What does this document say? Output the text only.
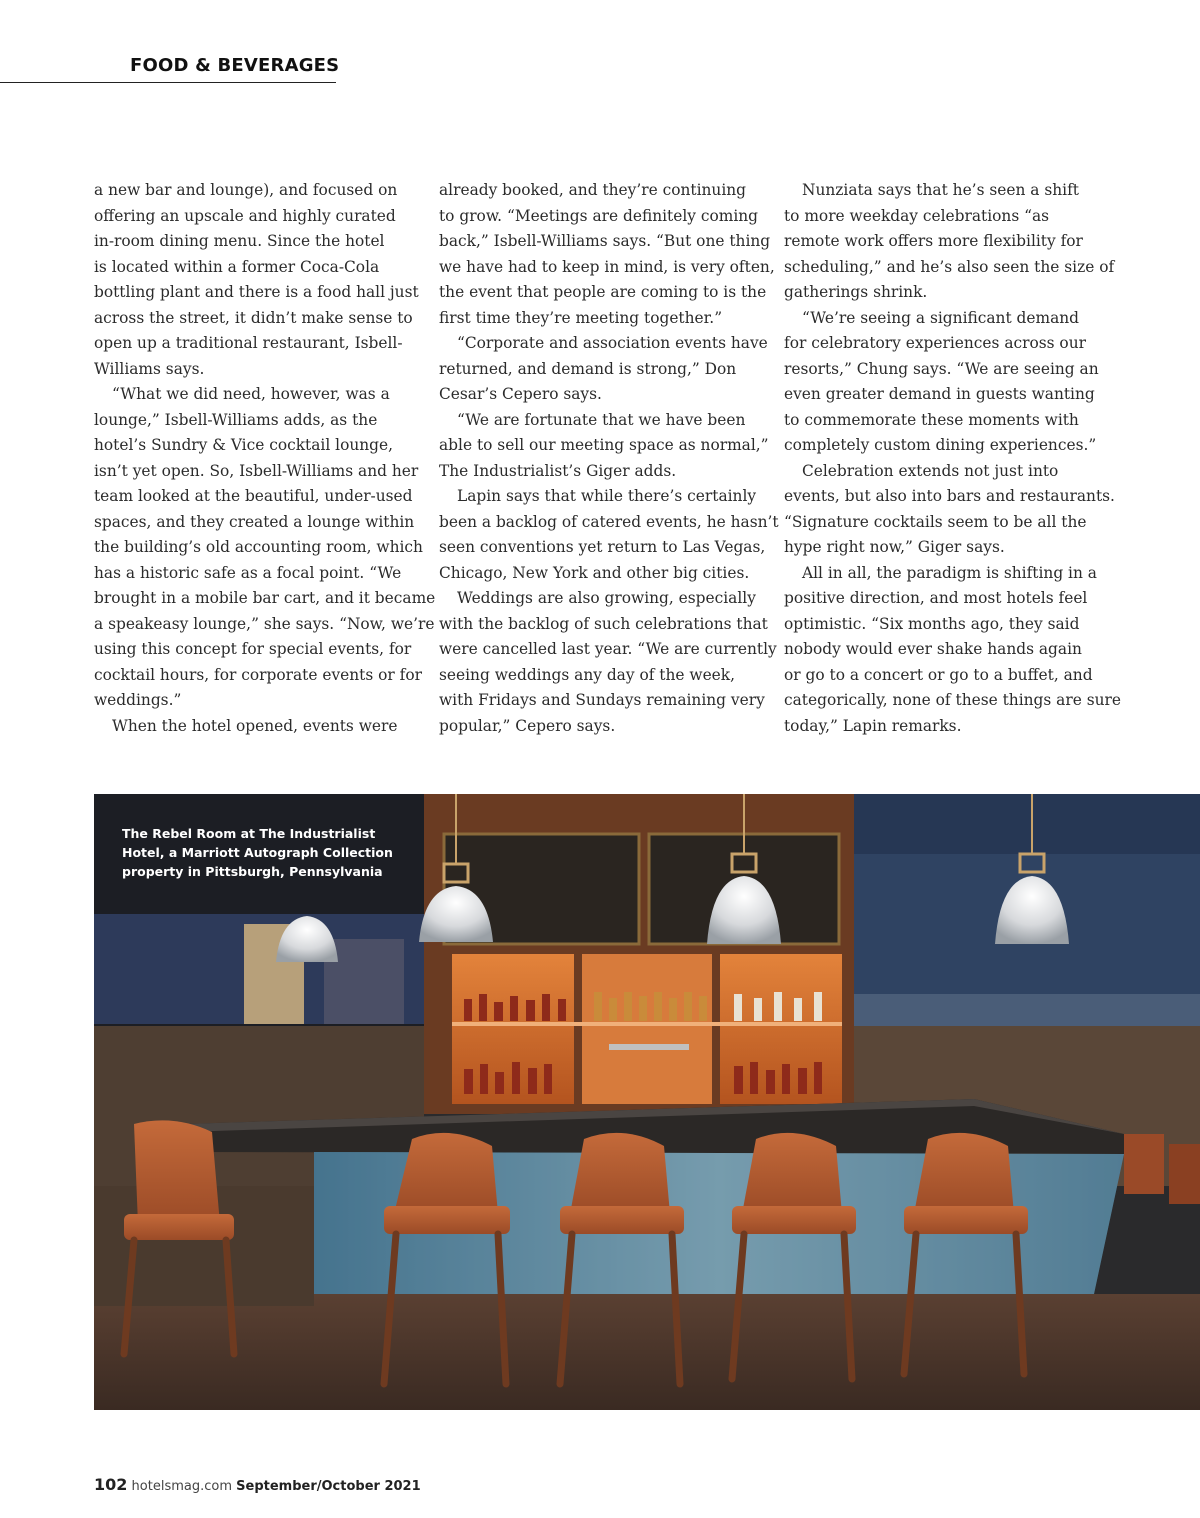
FOOD & BEVERAGES
a new bar and lounge), and focused on
offering an upscale and highly curated
in-room dining menu. Since the hotel
is located within a former Coca-Cola
bottling plant and there is a food hall just
across the street, it didn’t make sense to
open up a traditional restaurant, Isbell-
Williams says.
“What we did need, however, was a
lounge,” Isbell-Williams adds, as the
hotel’s Sundry & Vice cocktail lounge,
isn’t yet open. So, Isbell-Williams and her
team looked at the beautiful, under-used
spaces, and they created a lounge within
the building’s old accounting room, which
has a historic safe as a focal point. “We
brought in a mobile bar cart, and it became
a speakeasy lounge,” she says. “Now, we’re
using this concept for special events, for
cocktail hours, for corporate events or for
weddings.”
When the hotel opened, events were
already booked, and they’re continuing
to grow. “Meetings are definitely coming
back,” Isbell-Williams says. “But one thing
we have had to keep in mind, is very often,
the event that people are coming to is the
first time they’re meeting together.”
“Corporate and association events have
returned, and demand is strong,” Don
Cesar’s Cepero says.
“We are fortunate that we have been
able to sell our meeting space as normal,”
The Industrialist’s Giger adds.
Lapin says that while there’s certainly
been a backlog of catered events, he hasn’t
seen conventions yet return to Las Vegas,
Chicago, New York and other big cities.
Weddings are also growing, especially
with the backlog of such celebrations that
were cancelled last year. “We are currently
seeing weddings any day of the week,
with Fridays and Sundays remaining very
popular,” Cepero says.
Nunziata says that he’s seen a shift
to more weekday celebrations “as
remote work offers more flexibility for
scheduling,” and he’s also seen the size of
gatherings shrink.
“We’re seeing a significant demand
for celebratory experiences across our
resorts,” Chung says. “We are seeing an
even greater demand in guests wanting
to commemorate these moments with
completely custom dining experiences.”
Celebration extends not just into
events, but also into bars and restaurants.
“Signature cocktails seem to be all the
hype right now,” Giger says.
All in all, the paradigm is shifting in a
positive direction, and most hotels feel
optimistic. “Six months ago, they said
nobody would ever shake hands again
or go to a concert or go to a buffet, and
categorically, none of these things are sure
today,” Lapin remarks.
The Rebel Room at The Industrialist Hotel, a Marriott Autograph Collection property in Pittsburgh, Pennsylvania
102 hotelsmag.com September/October 2021
